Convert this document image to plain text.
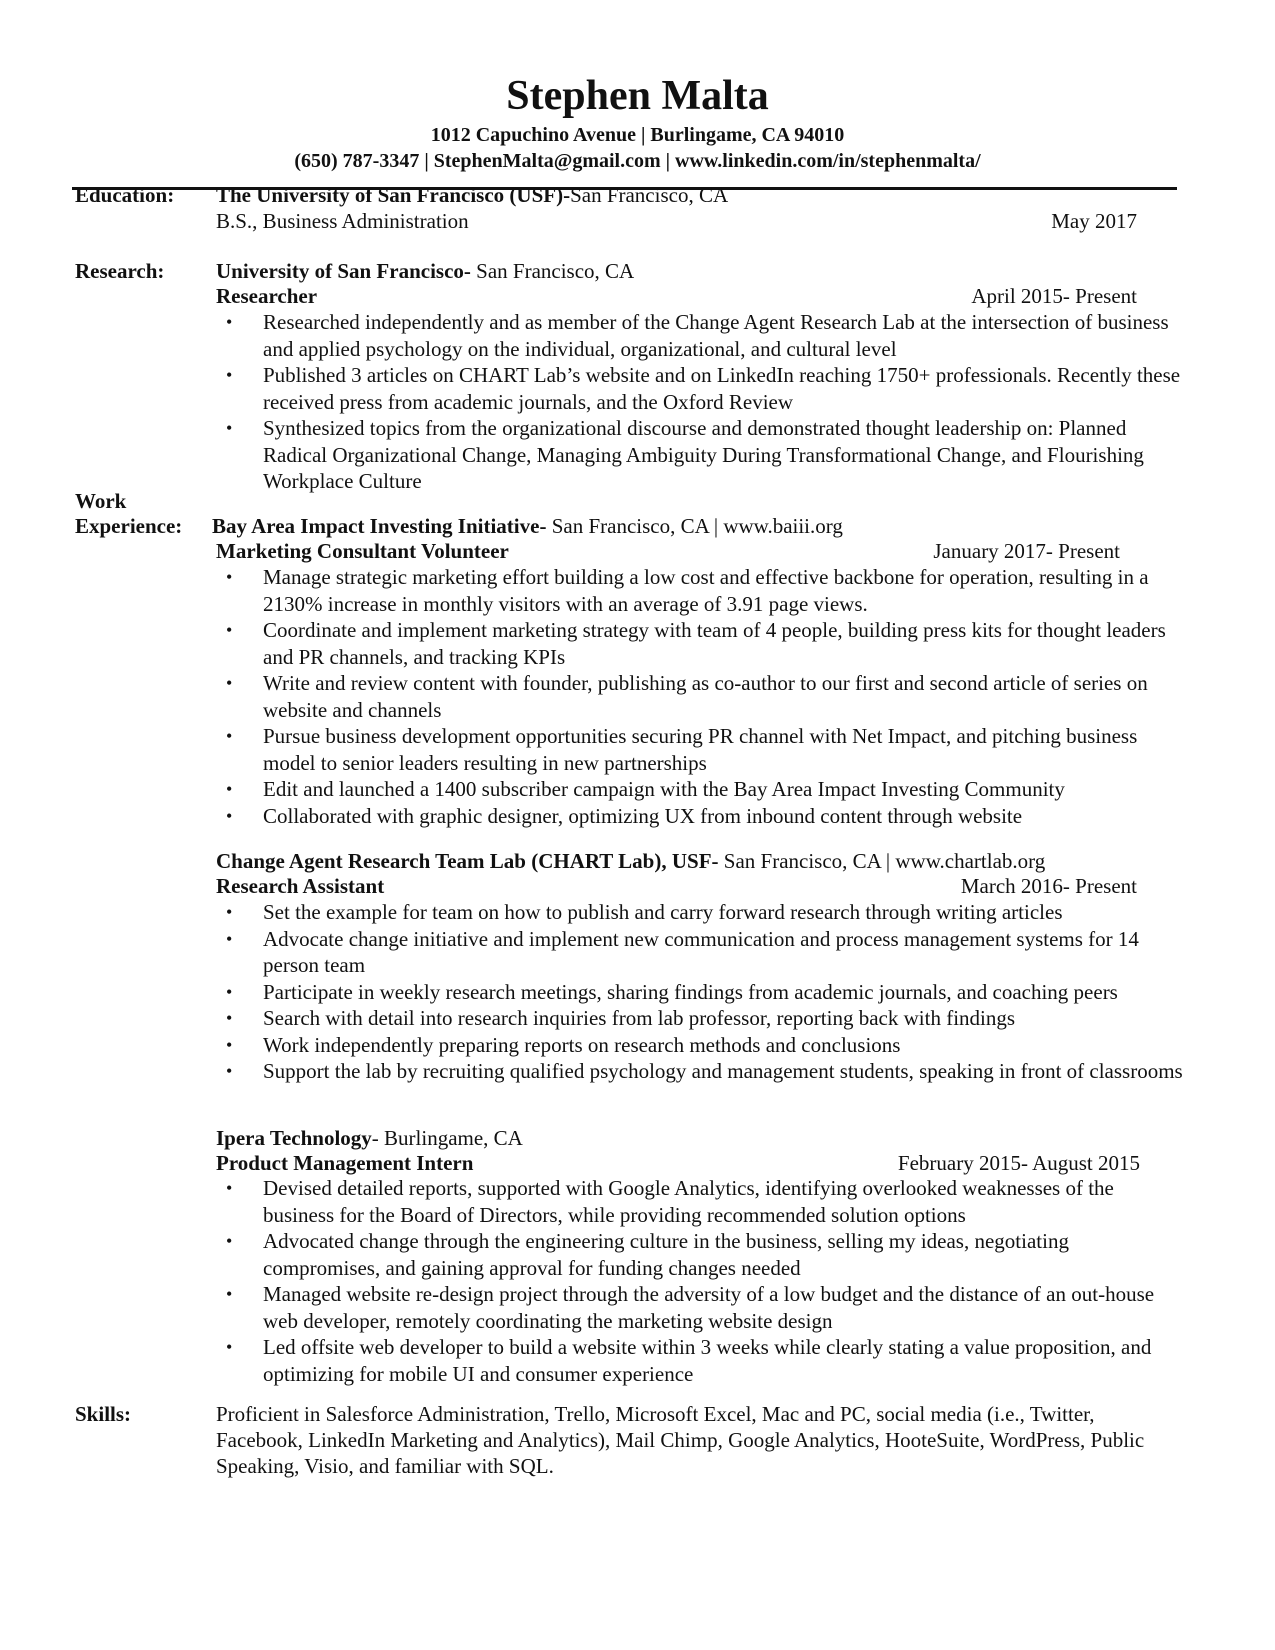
Stephen Malta
1012 Capuchino Avenue | Burlingame, CA 94010
(650) 787-3347 | StephenMalta@gmail.com | www.linkedin.com/in/stephenmalta/
Education: The University of San Francisco (USF)-San Francisco, CA
B.S., Business Administration	May 2017
Research: University of San Francisco- San Francisco, CA
Researcher	April 2015- Present
• Researched independently and as member of the Change Agent Research Lab at the intersection of business and applied psychology on the individual, organizational, and cultural level
• Published 3 articles on CHART Lab’s website and on LinkedIn reaching 1750+ professionals. Recently these received press from academic journals, and the Oxford Review
• Synthesized topics from the organizational discourse and demonstrated thought leadership on: Planned Radical Organizational Change, Managing Ambiguity During Transformational Change, and Flourishing Workplace Culture
Work
Experience: Bay Area Impact Investing Initiative- San Francisco, CA | www.baiii.org
Marketing Consultant Volunteer	January 2017- Present
• Manage strategic marketing effort building a low cost and effective backbone for operation, resulting in a 2130% increase in monthly visitors with an average of 3.91 page views.
• Coordinate and implement marketing strategy with team of 4 people, building press kits for thought leaders and PR channels, and tracking KPIs
• Write and review content with founder, publishing as co-author to our first and second article of series on website and channels
• Pursue business development opportunities securing PR channel with Net Impact, and pitching business model to senior leaders resulting in new partnerships
• Edit and launched a 1400 subscriber campaign with the Bay Area Impact Investing Community
• Collaborated with graphic designer, optimizing UX from inbound content through website
Change Agent Research Team Lab (CHART Lab), USF- San Francisco, CA | www.chartlab.org
Research Assistant	March 2016- Present
• Set the example for team on how to publish and carry forward research through writing articles
• Advocate change initiative and implement new communication and process management systems for 14 person team
• Participate in weekly research meetings, sharing findings from academic journals, and coaching peers
• Search with detail into research inquiries from lab professor, reporting back with findings
• Work independently preparing reports on research methods and conclusions
• Support the lab by recruiting qualified psychology and management students, speaking in front of classrooms
Ipera Technology- Burlingame, CA
Product Management Intern	February 2015- August 2015
• Devised detailed reports, supported with Google Analytics, identifying overlooked weaknesses of the business for the Board of Directors, while providing recommended solution options
• Advocated change through the engineering culture in the business, selling my ideas, negotiating compromises, and gaining approval for funding changes needed
• Managed website re-design project through the adversity of a low budget and the distance of an out-house web developer, remotely coordinating the marketing website design
• Led offsite web developer to build a website within 3 weeks while clearly stating a value proposition, and optimizing for mobile UI and consumer experience
Skills:	Proficient in Salesforce Administration, Trello, Microsoft Excel, Mac and PC, social media (i.e., Twitter, Facebook, LinkedIn Marketing and Analytics), Mail Chimp, Google Analytics, HooteSuite, WordPress, Public Speaking, Visio, and familiar with SQL.
